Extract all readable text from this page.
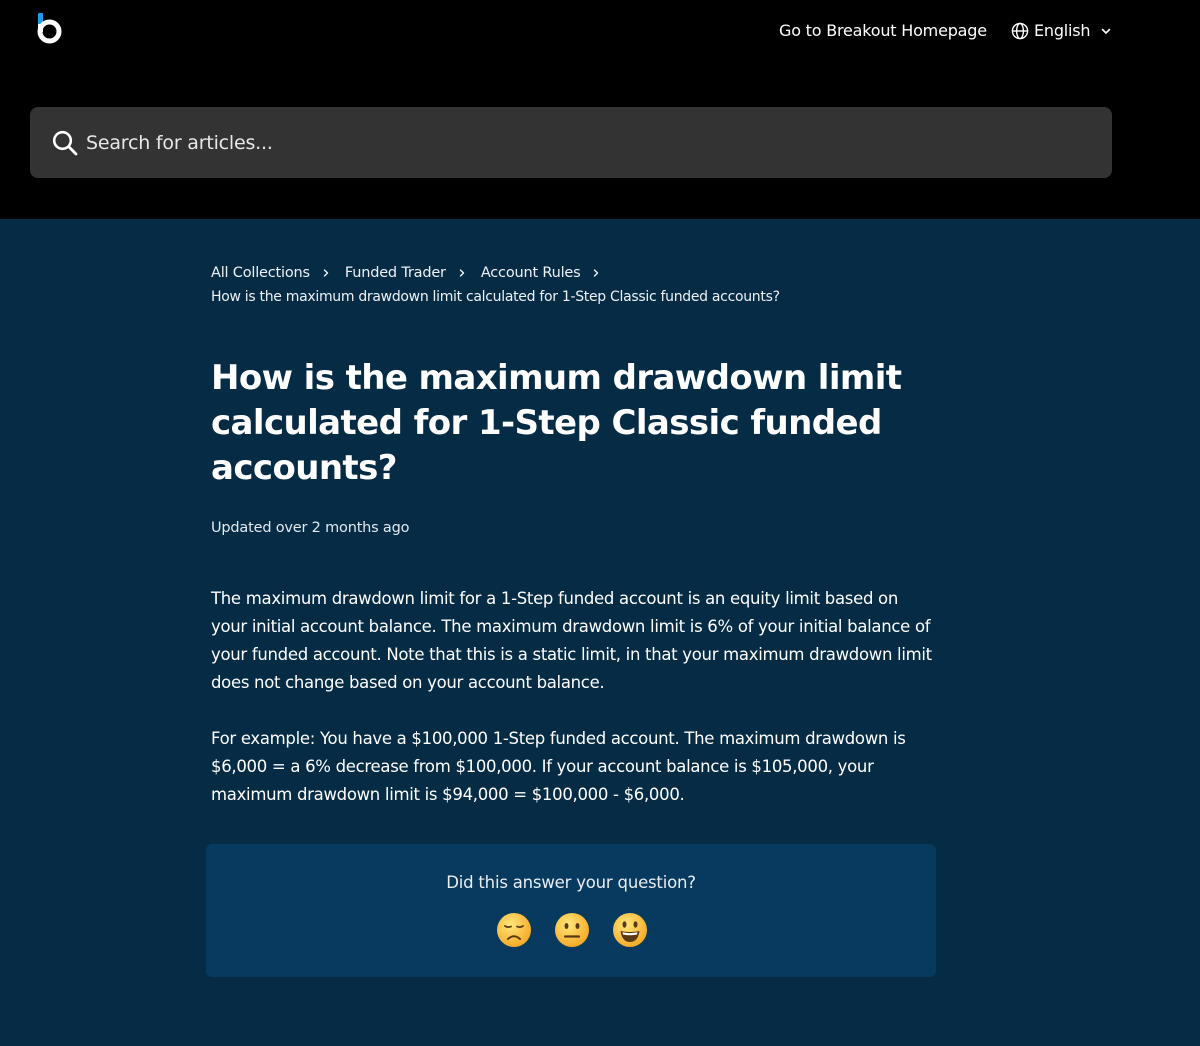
Go to Breakout Homepage	English
Search for articles...
All Collections Funded Trader Account Rules
How is the maximum drawdown limit calculated for 1-Step Classic funded accounts?
How is the maximum drawdown limit calculated for 1-Step Classic funded accounts?
Updated over 2 months ago

The maximum drawdown limit for a 1-Step funded account is an equity limit based on your initial account balance. The maximum drawdown limit is 6% of your initial balance of your funded account. Note that this is a static limit, in that your maximum drawdown limit does not change based on your account balance.

For example: You have a $100,000 1-Step funded account. The maximum drawdown is $6,000 = a 6% decrease from $100,000. If your account balance is $105,000, your maximum drawdown limit is $94,000 = $100,000 - $6,000.

Did this answer your question?
